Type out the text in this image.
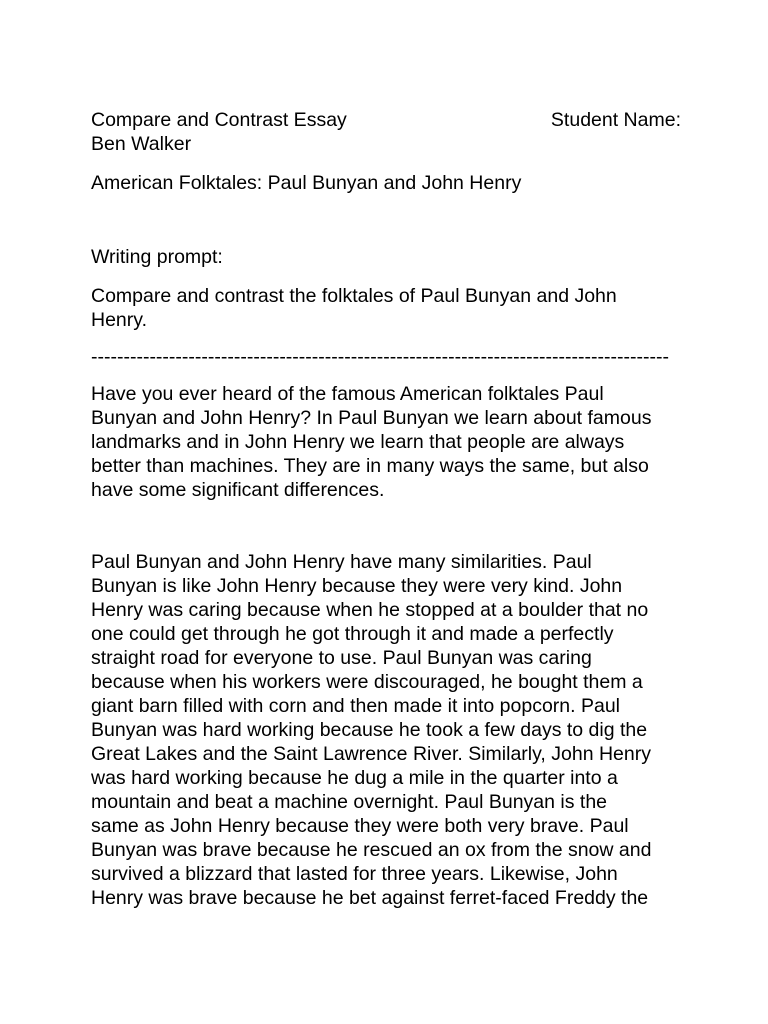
Compare and Contrast Essay	Student Name:
Ben Walker
American Folktales: Paul Bunyan and John Henry
Writing prompt:
Compare and contrast the folktales of Paul Bunyan and John
Henry.
-----------------------------------------------------------------------------------------
Have you ever heard of the famous American folktales Paul
Bunyan and John Henry? In Paul Bunyan we learn about famous
landmarks and in John Henry we learn that people are always
better than machines. They are in many ways the same, but also
have some significant differences.
Paul Bunyan and John Henry have many similarities. Paul
Bunyan is like John Henry because they were very kind. John
Henry was caring because when he stopped at a boulder that no
one could get through he got through it and made a perfectly
straight road for everyone to use. Paul Bunyan was caring
because when his workers were discouraged, he bought them a
giant barn filled with corn and then made it into popcorn. Paul
Bunyan was hard working because he took a few days to dig the
Great Lakes and the Saint Lawrence River. Similarly, John Henry
was hard working because he dug a mile in the quarter into a
mountain and beat a machine overnight. Paul Bunyan is the
same as John Henry because they were both very brave. Paul
Bunyan was brave because he rescued an ox from the snow and
survived a blizzard that lasted for three years. Likewise, John
Henry was brave because he bet against ferret-faced Freddy the
